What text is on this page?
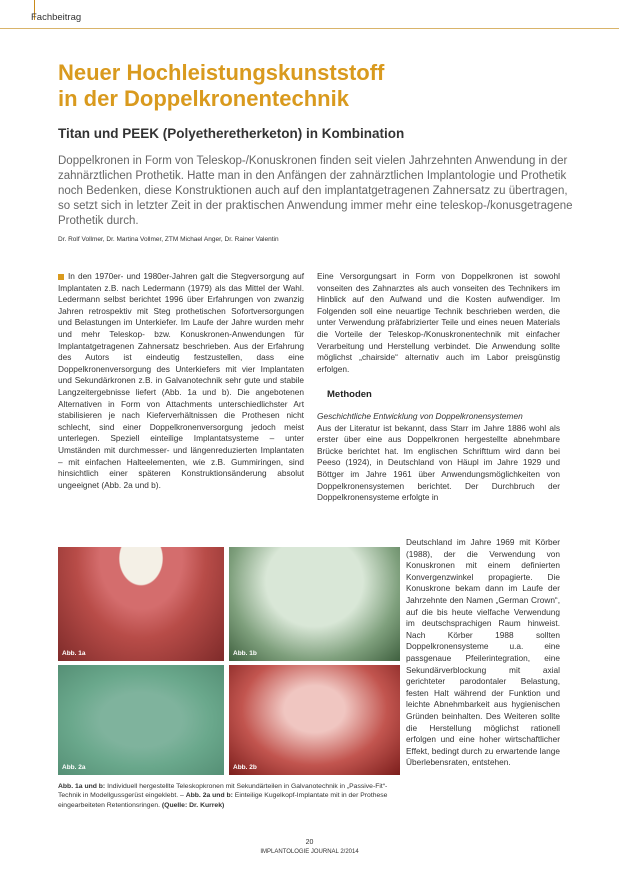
Fachbeitrag
Neuer Hochleistungskunststoff
in der Doppelkronentechnik
Titan und PEEK (Polyetheretherketon) in Kombination
Doppelkronen in Form von Teleskop-/Konuskronen finden seit vielen Jahrzehnten Anwendung in der zahnärztlichen Prothetik. Hatte man in den Anfängen der zahnärztlichen Implantologie und Prothetik noch Bedenken, diese Konstruktionen auch auf den implantatgetragenen Zahnersatz zu übertragen, so setzt sich in letzter Zeit in der praktischen Anwendung immer mehr eine teleskop-/konusgetragene Prothetik durch.
Dr. Rolf Vollmer, Dr. Martina Vollmer, ZTM Michael Anger, Dr. Rainer Valentin

In den 1970er- und 1980er-Jahren galt die Stegversorgung auf Implantaten z.B. nach Ledermann (1979) als das Mittel der Wahl. Ledermann selbst berichtet 1996 über Erfahrungen von zwanzig Jahren retrospektiv mit Steg prothetischen Sofortversorgungen und Belastungen im Unterkiefer. Im Laufe der Jahre wurden mehr und mehr Teleskop- bzw. Konuskronen-Anwendungen für Implantatgetragenen Zahnersatz beschrieben. Aus der Erfahrung des Autors ist eindeutig festzustellen, dass eine Doppelkronenversorgung des Unterkiefers mit vier Implantaten und Sekundärkronen z.B. in Galvanotechnik sehr gute und stabile Langzeitergebnisse liefert (Abb. 1a und b). Die angebotenen Alternativen in Form von Attachments unterschiedlichster Art stabilisieren je nach Kieferverhältnissen die Prothesen nicht schlecht, sind einer Doppelkronenversorgung jedoch meist unterlegen. Speziell einteilige Implantatsysteme – unter Umständen mit durchmesser- und längenreduzierten Implantaten – mit einfachen Halteelementen, wie z.B. Gummiringen, sind hinsichtlich einer späteren Konstruktionsänderung absolut ungeeignet (Abb. 2a und b).

Eine Versorgungsart in Form von Doppelkronen ist sowohl vonseiten des Zahnarztes als auch vonseiten des Technikers im Hinblick auf den Aufwand und die Kosten aufwendiger. Im Folgenden soll eine neuartige Technik beschrieben werden, die unter Verwendung präfabrizierter Teile und eines neuen Materials die Vorteile der Teleskop-/Konuskronentechnik mit einfacher Verarbeitung und Herstellung verbindet. Die Anwendung sollte möglichst „chairside“ alternativ auch im Labor preisgünstig erfolgen.

Methoden

Geschichtliche Entwicklung von Doppelkronensystemen

Aus der Literatur ist bekannt, dass Starr im Jahre 1886 wohl als erster über eine aus Doppelkronen hergestellte abnehmbare Brücke berichtet hat. Im englischen Schrifttum wird dann bei Peeso (1924), in Deutschland von Häupl im Jahre 1929 und Böttger im Jahre 1961 über Anwendungsmöglichkeiten von Doppelkronensystemen berichtet. Der Durchbruch der Doppelkronensysteme erfolgte in

Deutschland im Jahre 1969 mit Körber (1988), der die Verwendung von Konuskronen mit einem definierten Konvergenzwinkel propagierte. Die Konuskrone bekam dann im Laufe der Jahrzehnte den Namen „German Crown“, auf die bis heute vielfache Verwendung im deutschsprachigen Raum hinweist. Nach Körber 1988 sollten Doppelkronensysteme u.a. eine passgenaue Pfeilerintegration, eine Sekundärverblockung mit axial gerichteter parodontaler Belastung, festen Halt während der Funktion und leichte Abnehmbarkeit aus hygienischen Gründen beinhalten. Des Weiteren sollte die Herstellung möglichst rationell erfolgen und eine hoher wirtschaftlicher Effekt, bedingt durch zu erwartende lange Überlebensraten, entstehen.
Abb. 1a	Abb. 1b
Abb. 2a	Abb. 2b
Abb. 1a und b: Individuell hergestellte Teleskopkronen mit Sekundärteilen in Galvanotechnik in „Passive-Fit“-Technik in Modellgussgerüst eingeklebt. – Abb. 2a und b: Einteilige Kugelkopf-Implantate mit in der Prothese eingearbeiteten Retentionsringen. (Quelle: Dr. Kurrek)
20
IMPLANTOLOGIE JOURNAL 2/2014
